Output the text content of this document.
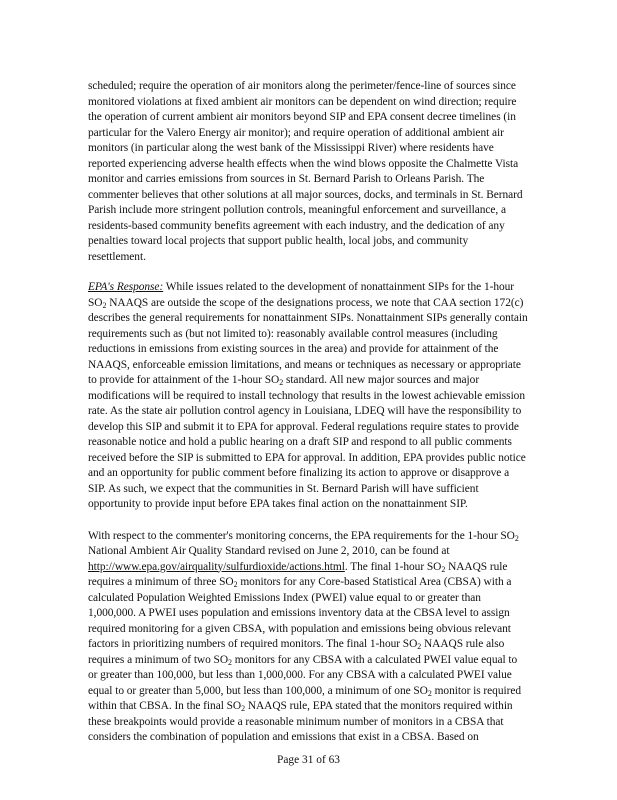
scheduled; require the operation of air monitors along the perimeter/fence-line of sources since monitored violations at fixed ambient air monitors can be dependent on wind direction; require the operation of current ambient air monitors beyond SIP and EPA consent decree timelines (in particular for the Valero Energy air monitor); and require operation of additional ambient air monitors (in particular along the west bank of the Mississippi River) where residents have reported experiencing adverse health effects when the wind blows opposite the Chalmette Vista monitor and carries emissions from sources in St. Bernard Parish to Orleans Parish. The commenter believes that other solutions at all major sources, docks, and terminals in St. Bernard Parish include more stringent pollution controls, meaningful enforcement and surveillance, a residents-based community benefits agreement with each industry, and the dedication of any penalties toward local projects that support public health, local jobs, and community resettlement.

EPA's Response: While issues related to the development of nonattainment SIPs for the 1-hour $SO_2$ NAAQS are outside the scope of the designations process, we note that CAA section 172(c) describes the general requirements for nonattainment SIPs. Nonattainment SIPs generally contain requirements such as (but not limited to): reasonably available control measures (including reductions in emissions from existing sources in the area) and provide for attainment of the NAAQS, enforceable emission limitations, and means or techniques as necessary or appropriate to provide for attainment of the 1-hour $SO_2$ standard. All new major sources and major modifications will be required to install technology that results in the lowest achievable emission rate. As the state air pollution control agency in Louisiana, LDEQ will have the responsibility to develop this SIP and submit it to EPA for approval. Federal regulations require states to provide reasonable notice and hold a public hearing on a draft SIP and respond to all public comments received before the SIP is submitted to EPA for approval. In addition, EPA provides public notice and an opportunity for public comment before finalizing its action to approve or disapprove a SIP. As such, we expect that the communities in St. Bernard Parish will have sufficient opportunity to provide input before EPA takes final action on the nonattainment SIP.

With respect to the commenter's monitoring concerns, the EPA requirements for the 1-hour $SO_2$ National Ambient Air Quality Standard revised on June 2, 2010, can be found at http://www.epa.gov/airquality/sulfurdioxide/actions.html. The final 1-hour $SO_2$ NAAQS rule requires a minimum of three $SO_2$ monitors for any Core-based Statistical Area (CBSA) with a calculated Population Weighted Emissions Index (PWEI) value equal to or greater than 1,000,000. A PWEI uses population and emissions inventory data at the CBSA level to assign required monitoring for a given CBSA, with population and emissions being obvious relevant factors in prioritizing numbers of required monitors. The final 1-hour $SO_2$ NAAQS rule also requires a minimum of two $SO_2$ monitors for any CBSA with a calculated PWEI value equal to or greater than 100,000, but less than 1,000,000. For any CBSA with a calculated PWEI value equal to or greater than 5,000, but less than 100,000, a minimum of one $SO_2$ monitor is required within that CBSA. In the final $SO_2$ NAAQS rule, EPA stated that the monitors required within these breakpoints would provide a reasonable minimum number of monitors in a CBSA that considers the combination of population and emissions that exist in a CBSA. Based on

Page 31 of 63
